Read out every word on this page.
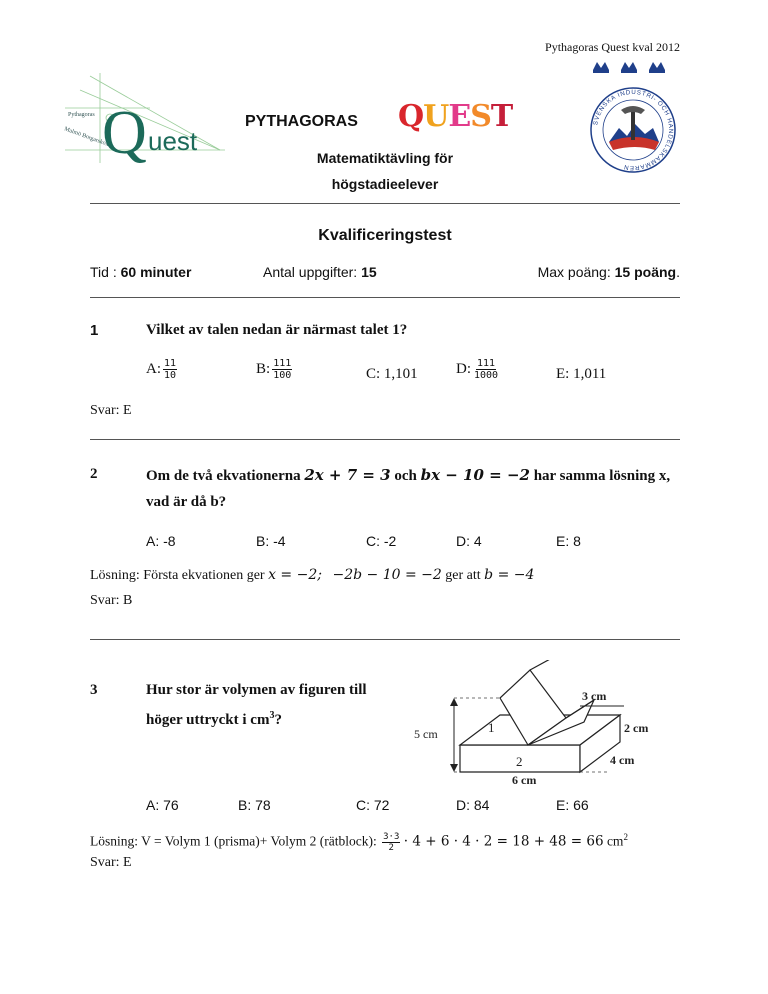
Pythagoras Quest kval 2012
Pythagoras
Malmö Borgarskola
Q uest
SVENSKA INDUSTRI- OCH HANDELSKAMMAREN
PYTHAGORAS QUEST
Matematiktävling för
högstadieelever
Kvalificeringstest
Tid : 60 minuter	Antal uppgifter: 15	Max poäng: 15 poäng.
1	Vilket av talen nedan är närmast talet 1?
A: $\frac{11}{10}$	B: $\frac{111}{100}$	C: 1,101	D: $\frac{111}{1000}$	E: 1,011
Svar: E
2	Om de två ekvationerna 2x + 7 = 3 och bx − 10 = −2 har samma lösning x,
vad är då b?
A: -8	B: -4	C: -2	D: 4	E: 8
Lösning: Första ekvationen ger x = −2; −2b − 10 = −2 ger att b = −4
Svar: B
3	Hur stor är volymen av figuren till
höger uttryckt i $cm^3$?
5 cm
3 cm
2 cm
4 cm
6 cm
1
2
A: 76	B: 78	C: 72	D: 84	E: 66
Lösning: V = Volym 1 (prisma)+ Volym 2 (rätblock): $\frac{3\cdot 3}{2} \cdot 4 + 6 \cdot 4 \cdot 2 = 18 + 48 = 66$ $cm^2$
Svar: E
